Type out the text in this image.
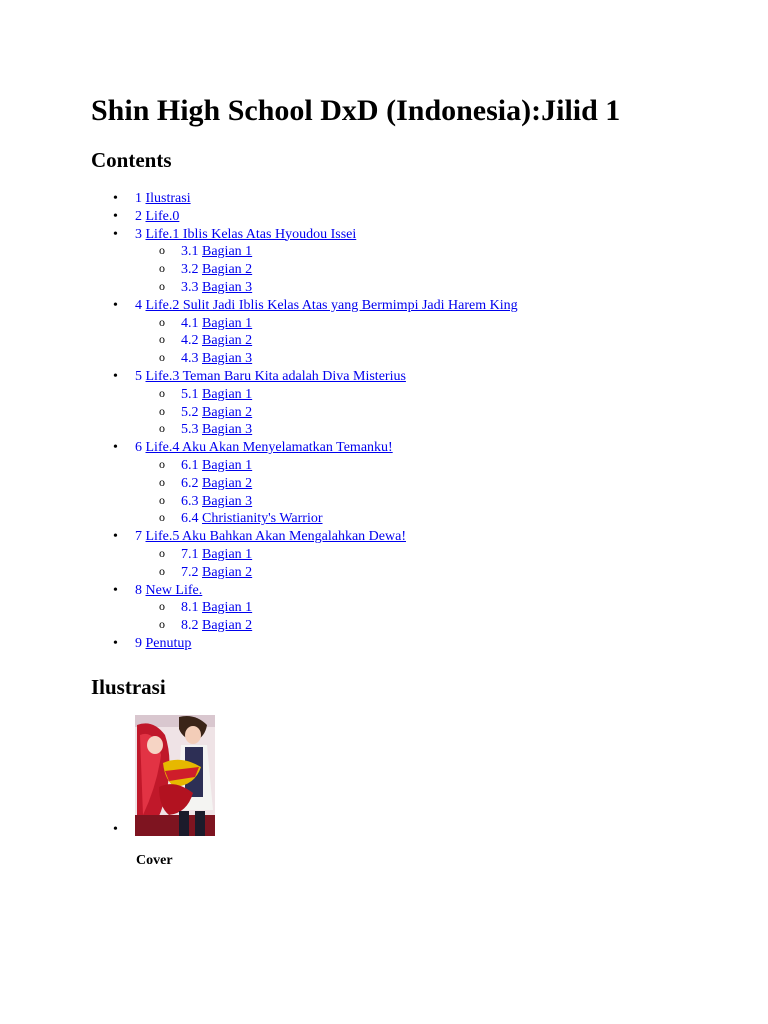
Shin High School DxD (Indonesia):Jilid 1
Contents
• 1 Ilustrasi
• 2 Life.0
• 3 Life.1 Iblis Kelas Atas Hyoudou Issei
o 3.1 Bagian 1
o 3.2 Bagian 2
o 3.3 Bagian 3
• 4 Life.2 Sulit Jadi Iblis Kelas Atas yang Bermimpi Jadi Harem King
o 4.1 Bagian 1
o 4.2 Bagian 2
o 4.3 Bagian 3
• 5 Life.3 Teman Baru Kita adalah Diva Misterius
o 5.1 Bagian 1
o 5.2 Bagian 2
o 5.3 Bagian 3
• 6 Life.4 Aku Akan Menyelamatkan Temanku!
o 6.1 Bagian 1
o 6.2 Bagian 2
o 6.3 Bagian 3
o 6.4 Christianity's Warrior
• 7 Life.5 Aku Bahkan Akan Mengalahkan Dewa!
o 7.1 Bagian 1
o 7.2 Bagian 2
• 8 New Life.
o 8.1 Bagian 1
o 8.2 Bagian 2
• 9 Penutup
Ilustrasi
•
Cover
